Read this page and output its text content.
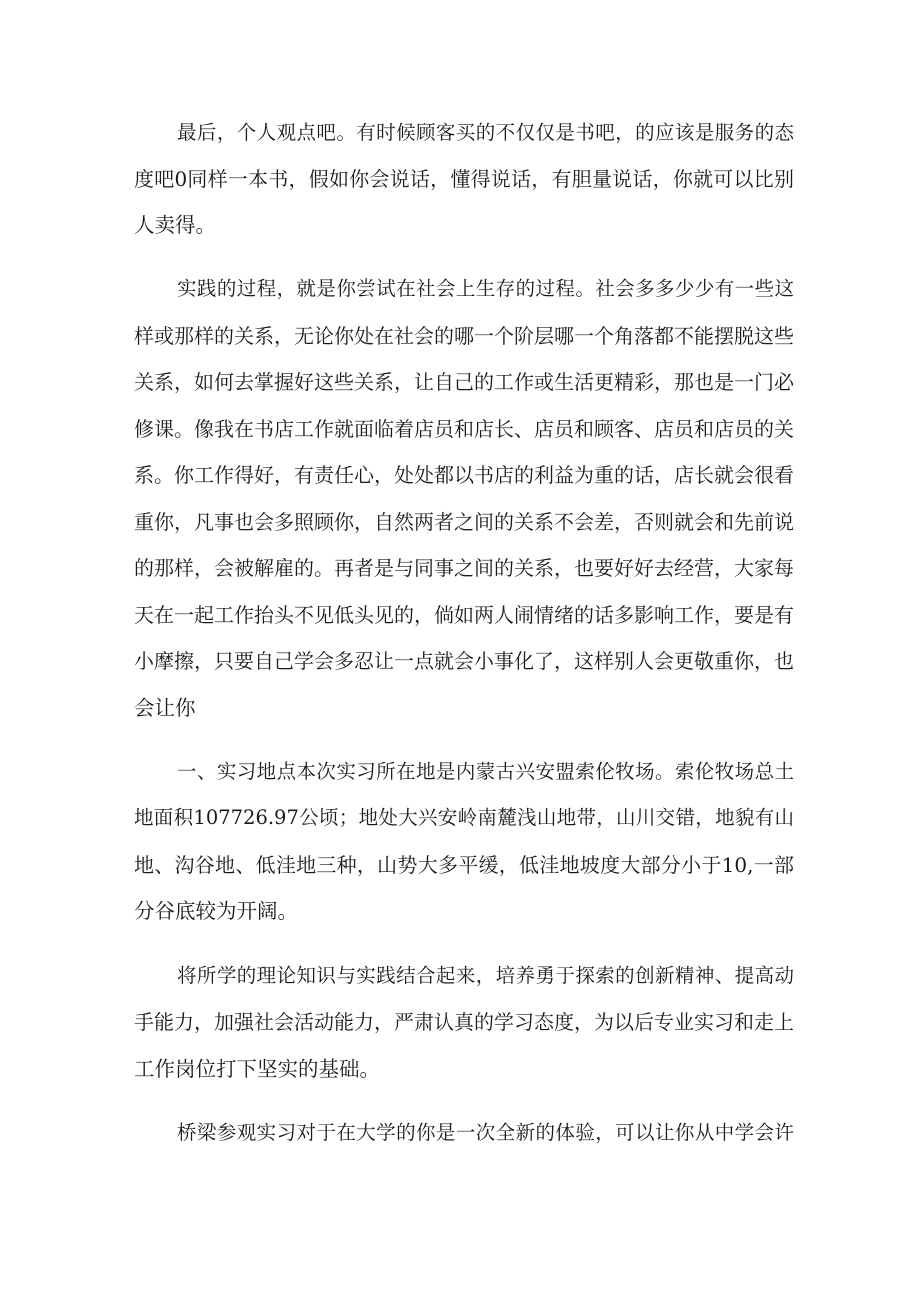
最后，个人观点吧。有时候顾客买的不仅仅是书吧，的应该是服务的态
度吧0同样一本书，假如你会说话，懂得说话，有胆量说话，你就可以比别
人卖得。
实践的过程，就是你尝试在社会上生存的过程。社会多多少少有一些这
样或那样的关系，无论你处在社会的哪一个阶层哪一个角落都不能摆脱这些
关系，如何去掌握好这些关系，让自己的工作或生活更精彩，那也是一门必
修课。像我在书店工作就面临着店员和店长、店员和顾客、店员和店员的关
系。你工作得好，有责任心，处处都以书店的利益为重的话，店长就会很看
重你，凡事也会多照顾你，自然两者之间的关系不会差，否则就会和先前说
的那样，会被解雇的。再者是与同事之间的关系，也要好好去经营，大家每
天在一起工作抬头不见低头见的，倘如两人闹情绪的话多影响工作，要是有
小摩擦，只要自己学会多忍让一点就会小事化了，这样别人会更敬重你，也
会让你
一、实习地点本次实习所在地是内蒙古兴安盟索伦牧场。索伦牧场总土
地面积107726.97公顷；地处大兴安岭南麓浅山地带，山川交错，地貌有山
地、沟谷地、低洼地三种，山势大多平缓，低洼地坡度大部分小于10,一部
分谷底较为开阔。
将所学的理论知识与实践结合起来，培养勇于探索的创新精神、提高动
手能力，加强社会活动能力，严肃认真的学习态度，为以后专业实习和走上
工作岗位打下坚实的基础。
桥梁参观实习对于在大学的你是一次全新的体验，可以让你从中学会许
